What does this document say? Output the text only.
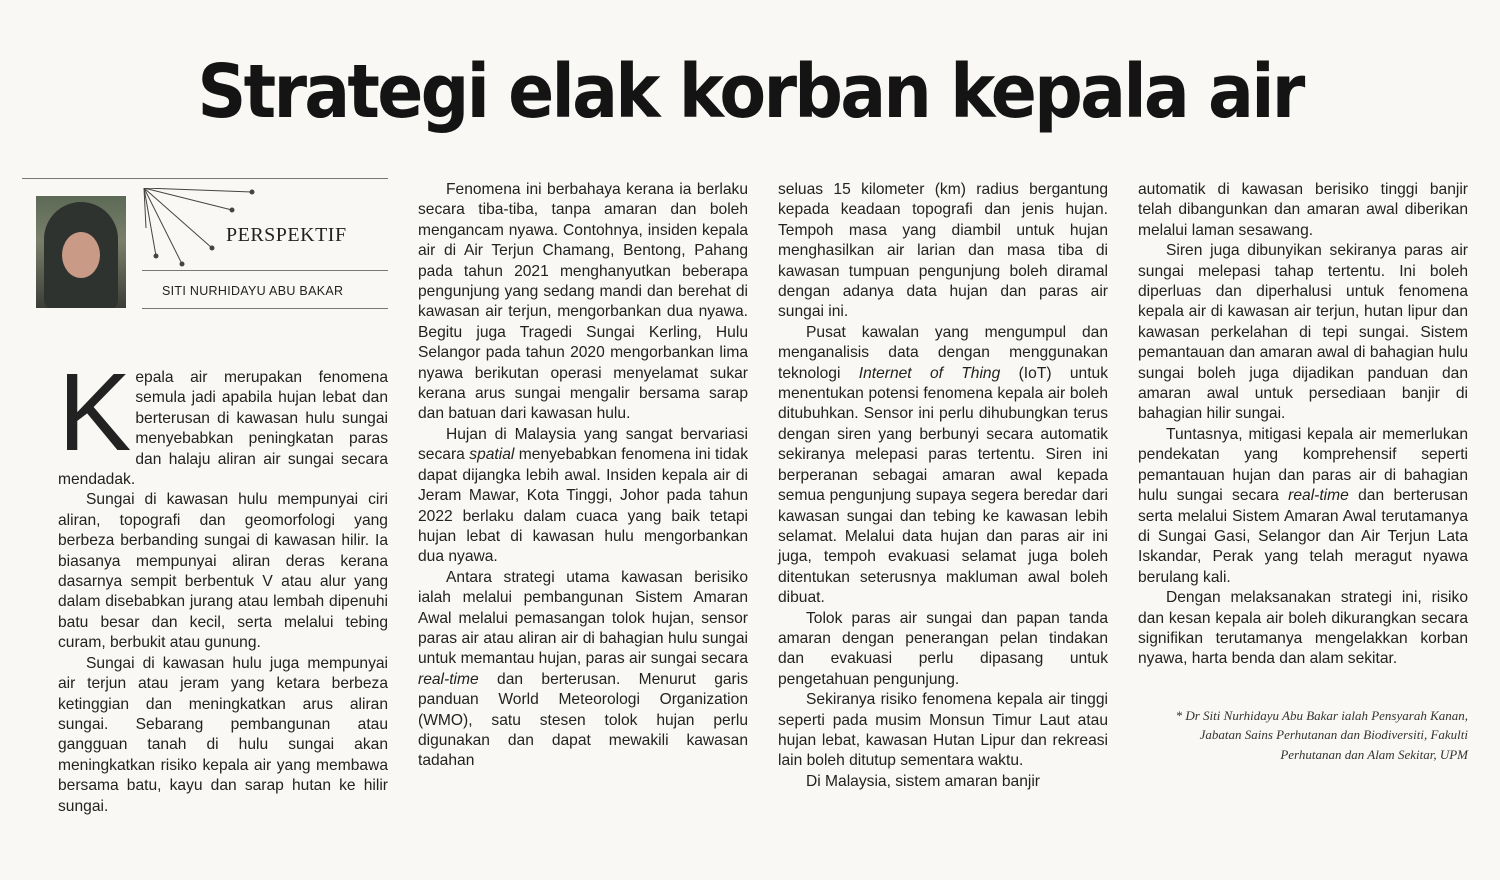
Strategi elak korban kepala air
PERSPEKTIF
SITI NURHIDAYU ABU BAKAR

Kepala air merupakan fenomena semula jadi apabila hujan lebat dan berterusan di kawasan hulu sungai menyebabkan peningkatan paras dan halaju aliran air sungai secara mendadak.

Sungai di kawasan hulu mempunyai ciri aliran, topografi dan geomorfologi yang berbeza berbanding sungai di kawasan hilir. Ia biasanya mempunyai aliran deras kerana dasarnya sempit berbentuk V atau alur yang dalam disebabkan jurang atau lembah dipenuhi batu besar dan kecil, serta melalui tebing curam, berbukit atau gunung.

Sungai di kawasan hulu juga mempunyai air terjun atau jeram yang ketara berbeza ketinggian dan meningkatkan arus aliran sungai. Sebarang pembangunan atau gangguan tanah di hulu sungai akan meningkatkan risiko kepala air yang membawa bersama batu, kayu dan sarap hutan ke hilir sungai.

Fenomena ini berbahaya kerana ia berlaku secara tiba-tiba, tanpa amaran dan boleh mengancam nyawa. Contohnya, insiden kepala air di Air Terjun Chamang, Bentong, Pahang pada tahun 2021 menghanyutkan beberapa pengunjung yang sedang mandi dan berehat di kawasan air terjun, mengorbankan dua nyawa. Begitu juga Tragedi Sungai Kerling, Hulu Selangor pada tahun 2020 mengorbankan lima nyawa berikutan operasi menyelamat sukar kerana arus sungai mengalir bersama sarap dan batuan dari kawasan hulu.

Hujan di Malaysia yang sangat bervariasi secara spatial menyebabkan fenomena ini tidak dapat dijangka lebih awal. Insiden kepala air di Jeram Mawar, Kota Tinggi, Johor pada tahun 2022 berlaku dalam cuaca yang baik tetapi hujan lebat di kawasan hulu mengorbankan dua nyawa.

Antara strategi utama kawasan berisiko ialah melalui pembangunan Sistem Amaran Awal melalui pemasangan tolok hujan, sensor paras air atau aliran air di bahagian hulu sungai untuk memantau hujan, paras air sungai secara real-time dan berterusan. Menurut garis panduan World Meteorologi Organization (WMO), satu stesen tolok hujan perlu digunakan dan dapat mewakili kawasan tadahan

seluas 15 kilometer (km) radius bergantung kepada keadaan topografi dan jenis hujan. Tempoh masa yang diambil untuk hujan menghasilkan air larian dan masa tiba di kawasan tumpuan pengunjung boleh diramal dengan adanya data hujan dan paras air sungai ini.

Pusat kawalan yang mengumpul dan menganalisis data dengan menggunakan teknologi Internet of Thing (IoT) untuk menentukan potensi fenomena kepala air boleh ditubuhkan. Sensor ini perlu dihubungkan terus dengan siren yang berbunyi secara automatik sekiranya melepasi paras tertentu. Siren ini berperanan sebagai amaran awal kepada semua pengunjung supaya segera beredar dari kawasan sungai dan tebing ke kawasan lebih selamat. Melalui data hujan dan paras air ini juga, tempoh evakuasi selamat juga boleh ditentukan seterusnya makluman awal boleh dibuat.

Tolok paras air sungai dan papan tanda amaran dengan penerangan pelan tindakan dan evakuasi perlu dipasang untuk pengetahuan pengunjung.

Sekiranya risiko fenomena kepala air tinggi seperti pada musim Monsun Timur Laut atau hujan lebat, kawasan Hutan Lipur dan rekreasi lain boleh ditutup sementara waktu.

Di Malaysia, sistem amaran banjir

automatik di kawasan berisiko tinggi banjir telah dibangunkan dan amaran awal diberikan melalui laman sesawang.

Siren juga dibunyikan sekiranya paras air sungai melepasi tahap tertentu. Ini boleh diperluas dan diperhalusi untuk fenomena kepala air di kawasan air terjun, hutan lipur dan kawasan perkelahan di tepi sungai. Sistem pemantauan dan amaran awal di bahagian hulu sungai boleh juga dijadikan panduan dan amaran awal untuk persediaan banjir di bahagian hilir sungai.

Tuntasnya, mitigasi kepala air memerlukan pendekatan yang komprehensif seperti pemantauan hujan dan paras air di bahagian hulu sungai secara real-time dan berterusan serta melalui Sistem Amaran Awal terutamanya di Sungai Gasi, Selangor dan Air Terjun Lata Iskandar, Perak yang telah meragut nyawa berulang kali.

Dengan melaksanakan strategi ini, risiko dan kesan kepala air boleh dikurangkan secara signifikan terutamanya mengelakkan korban nyawa, harta benda dan alam sekitar.

* Dr Siti Nurhidayu Abu Bakar ialah Pensyarah Kanan, Jabatan Sains Perhutanan dan Biodiversiti, Fakulti Perhutanan dan Alam Sekitar, UPM
